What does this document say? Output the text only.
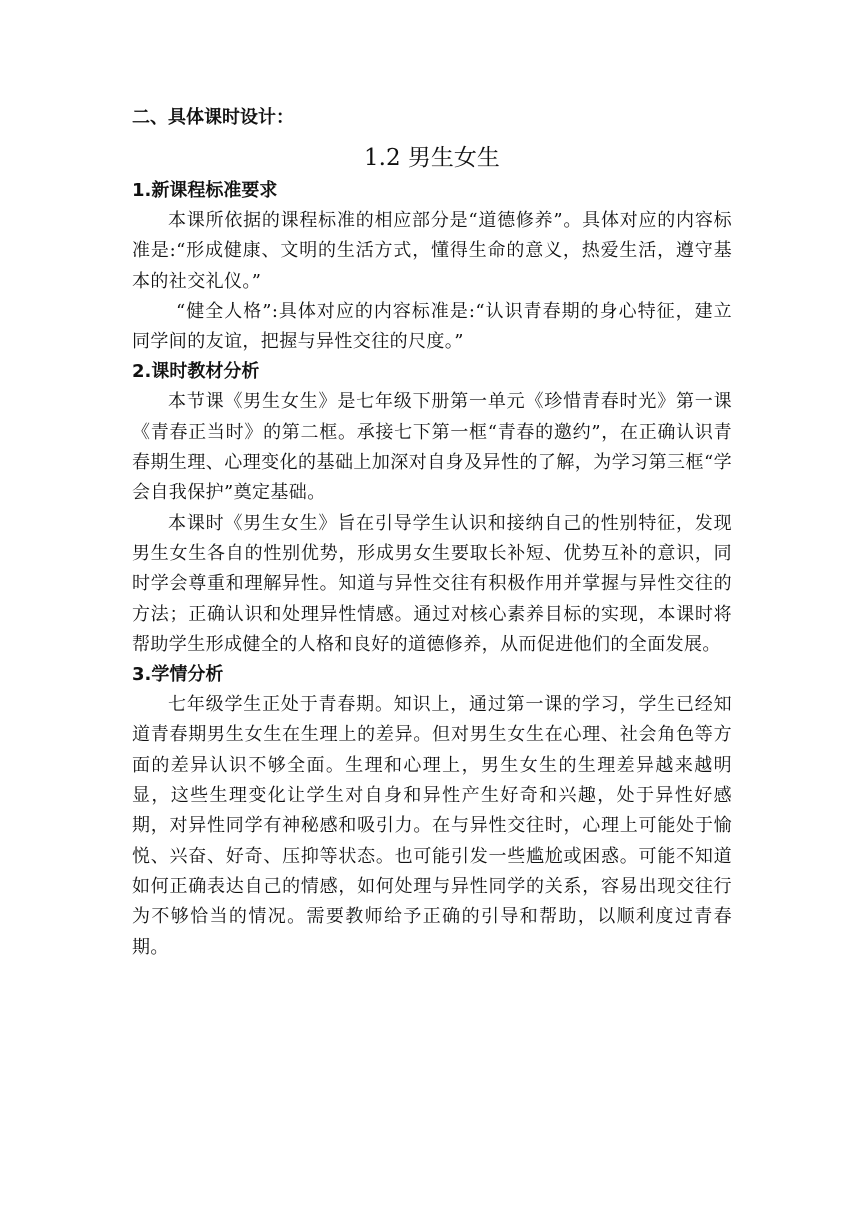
二、具体课时设计：
1.2 男生女生
1.新课程标准要求

本课所依据的课程标准的相应部分是“道德修养”。具体对应的内容标准是:“形成健康、文明的生活方式，懂得生命的意义，热爱生活，遵守基本的社交礼仪。”

“健全人格”:具体对应的内容标准是:“认识青春期的身心特征，建立同学间的友谊，把握与异性交往的尺度。”

2.课时教材分析

本节课《男生女生》是七年级下册第一单元《珍惜青春时光》第一课《青春正当时》的第二框。承接七下第一框“青春的邀约”，在正确认识青春期生理、心理变化的基础上加深对自身及异性的了解，为学习第三框“学会自我保护”奠定基础。

本课时《男生女生》旨在引导学生认识和接纳自己的性别特征，发现男生女生各自的性别优势，形成男女生要取长补短、优势互补的意识，同时学会尊重和理解异性。知道与异性交往有积极作用并掌握与异性交往的方法；正确认识和处理异性情感。通过对核心素养目标的实现，本课时将帮助学生形成健全的人格和良好的道德修养，从而促进他们的全面发展。

3.学情分析

七年级学生正处于青春期。知识上，通过第一课的学习，学生已经知道青春期男生女生在生理上的差异。但对男生女生在心理、社会角色等方面的差异认识不够全面。生理和心理上，男生女生的生理差异越来越明显，这些生理变化让学生对自身和异性产生好奇和兴趣，处于异性好感期，对异性同学有神秘感和吸引力。在与异性交往时，心理上可能处于愉悦、兴奋、好奇、压抑等状态。也可能引发一些尴尬或困惑。可能不知道如何正确表达自己的情感，如何处理与异性同学的关系，容易出现交往行为不够恰当的情况。需要教师给予正确的引导和帮助，以顺利度过青春期。
